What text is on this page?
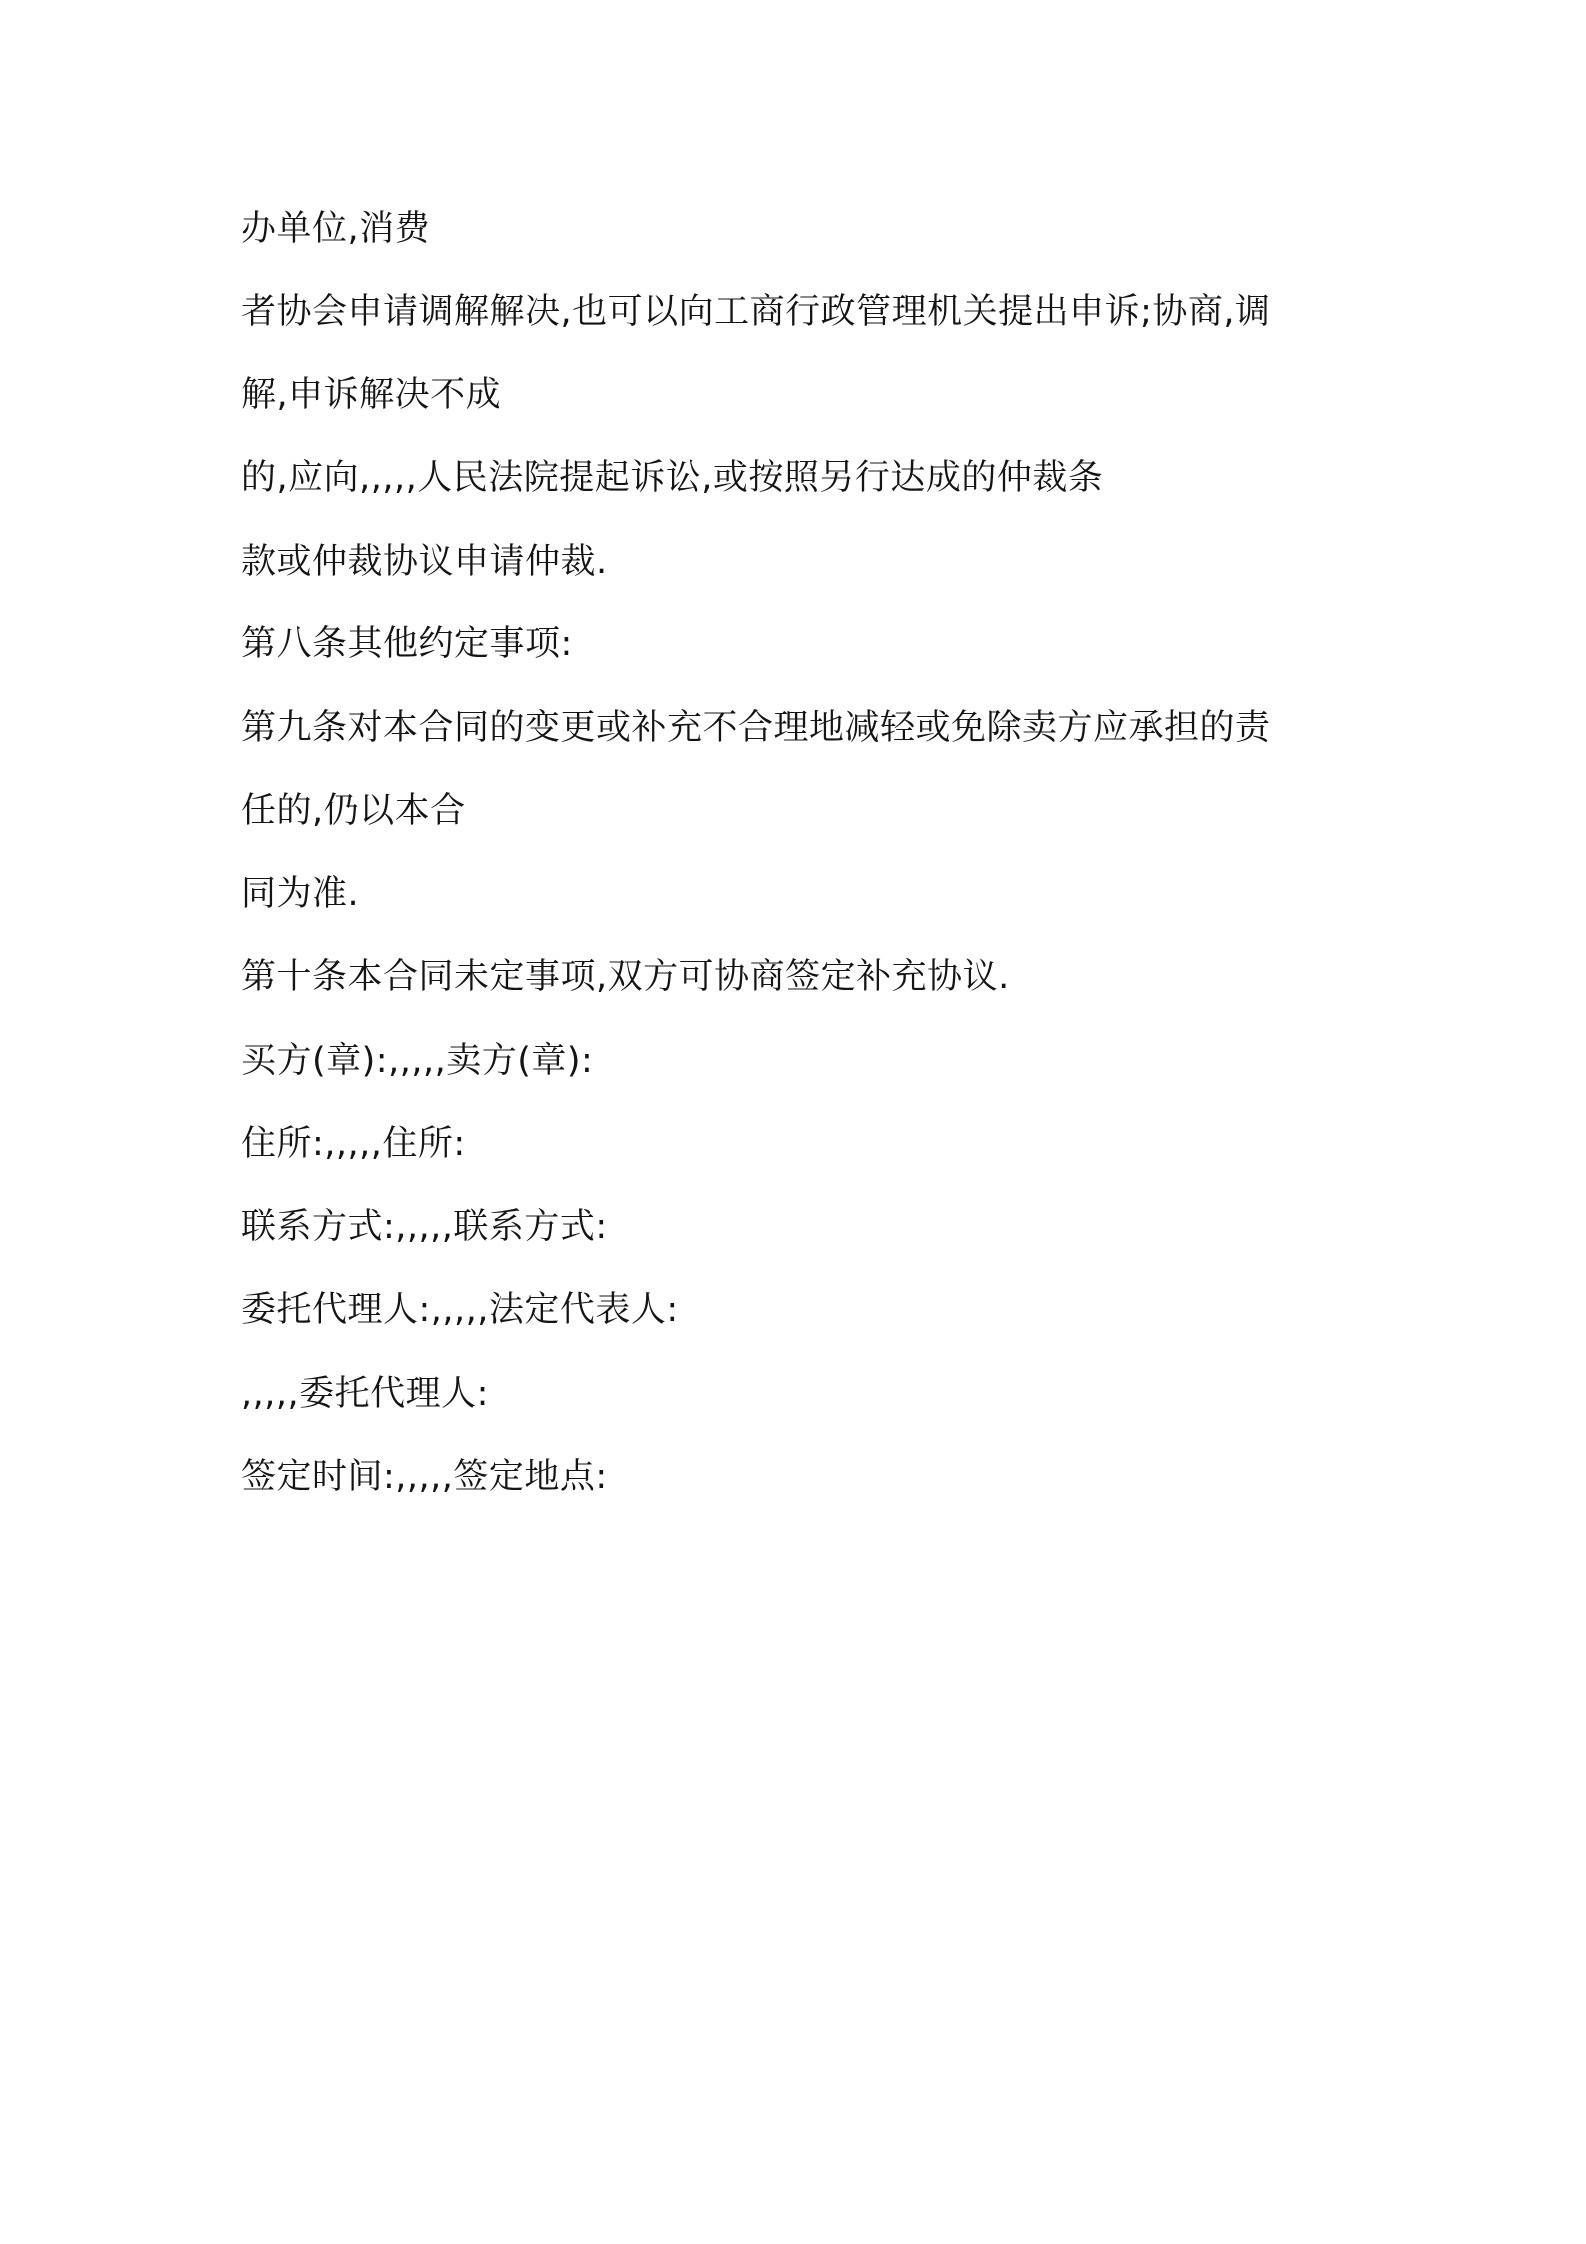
办单位,消费
者协会申请调解解决,也可以向工商行政管理机关提出申诉;协商,调
解,申诉解决不成
的,应向,,,,,人民法院提起诉讼,或按照另行达成的仲裁条
款或仲裁协议申请仲裁.
第八条其他约定事项:
第九条对本合同的变更或补充不合理地减轻或免除卖方应承担的责
任的,仍以本合
同为准.
第十条本合同未定事项,双方可协商签定补充协议.
买方(章):,,,,,卖方(章):
住所:,,,,,住所:
联系方式:,,,,,联系方式:
委托代理人:,,,,,法定代表人:
,,,,,委托代理人:
签定时间:,,,,,签定地点:
